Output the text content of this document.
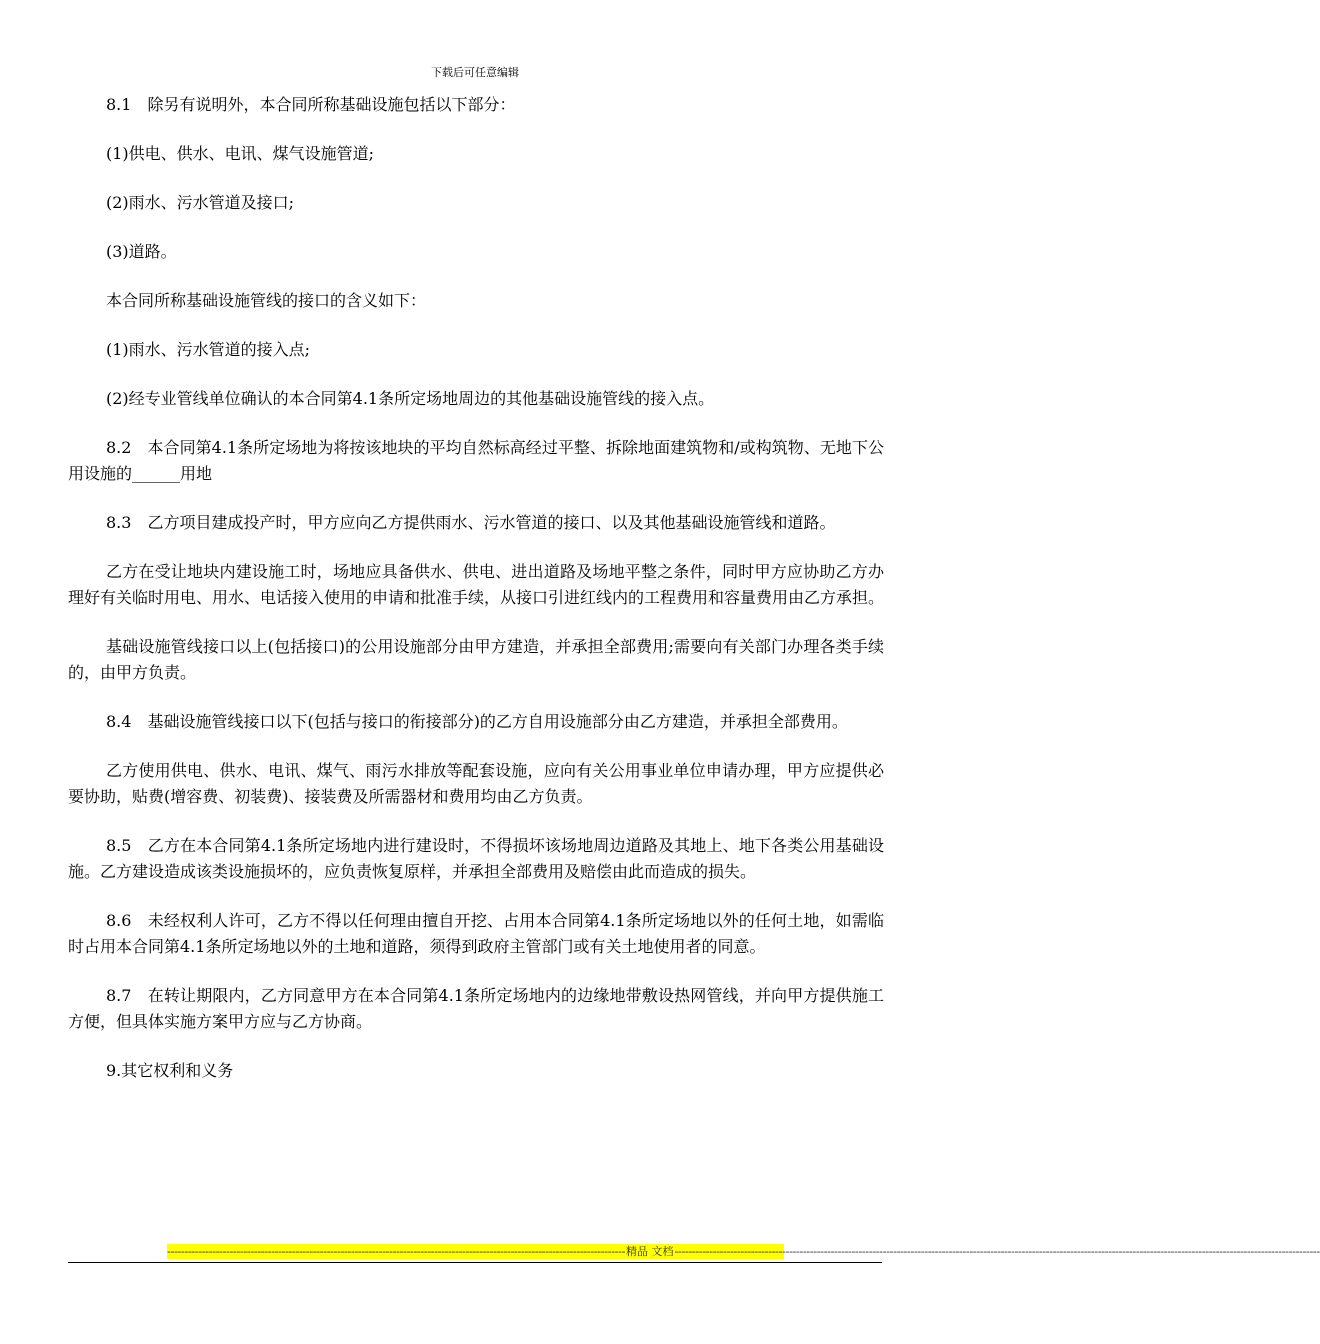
下载后可任意编辑

8.1　除另有说明外，本合同所称基础设施包括以下部分：

(1)供电、供水、电讯、煤气设施管道;

(2)雨水、污水管道及接口;

(3)道路。

本合同所称基础设施管线的接口的含义如下：

(1)雨水、污水管道的接入点;

(2)经专业管线单位确认的本合同第4.1条所定场地周边的其他基础设施管线的接入点。

8.2　本合同第4.1条所定场地为将按该地块的平均自然标高经过平整、拆除地面建筑物和/或构筑物、无地下公用设施的______用地

8.3　乙方项目建成投产时，甲方应向乙方提供雨水、污水管道的接口、以及其他基础设施管线和道路。

乙方在受让地块内建设施工时，场地应具备供水、供电、进出道路及场地平整之条件，同时甲方应协助乙方办理好有关临时用电、用水、电话接入使用的申请和批准手续，从接口引进红线内的工程费用和容量费用由乙方承担。

基础设施管线接口以上(包括接口)的公用设施部分由甲方建造，并承担全部费用;需要向有关部门办理各类手续的，由甲方负责。

8.4　基础设施管线接口以下(包括与接口的衔接部分)的乙方自用设施部分由乙方建造，并承担全部费用。

乙方使用供电、供水、电讯、煤气、雨污水排放等配套设施，应向有关公用事业单位申请办理，甲方应提供必要协助，贴费(增容费、初装费)、接装费及所需器材和费用均由乙方负责。

8.5　乙方在本合同第4.1条所定场地内进行建设时，不得损坏该场地周边道路及其地上、地下各类公用基础设施。乙方建设造成该类设施损坏的，应负责恢复原样，并承担全部费用及赔偿由此而造成的损失。

8.6　未经权利人许可，乙方不得以任何理由擅自开挖、占用本合同第4.1条所定场地以外的任何土地，如需临时占用本合同第4.1条所定场地以外的土地和道路，须得到政府主管部门或有关土地使用者的同意。

8.7　在转让期限内，乙方同意甲方在本合同第4.1条所定场地内的边缘地带敷设热网管线，并向甲方提供施工方便，但具体实施方案甲方应与乙方协商。

9.其它权利和义务

------------------------------------------------------------------------------------------------------------------------------------ 精品 文档 ------------------------------------------------------------------------------------------------------------------------------------------------------------------------------------------
